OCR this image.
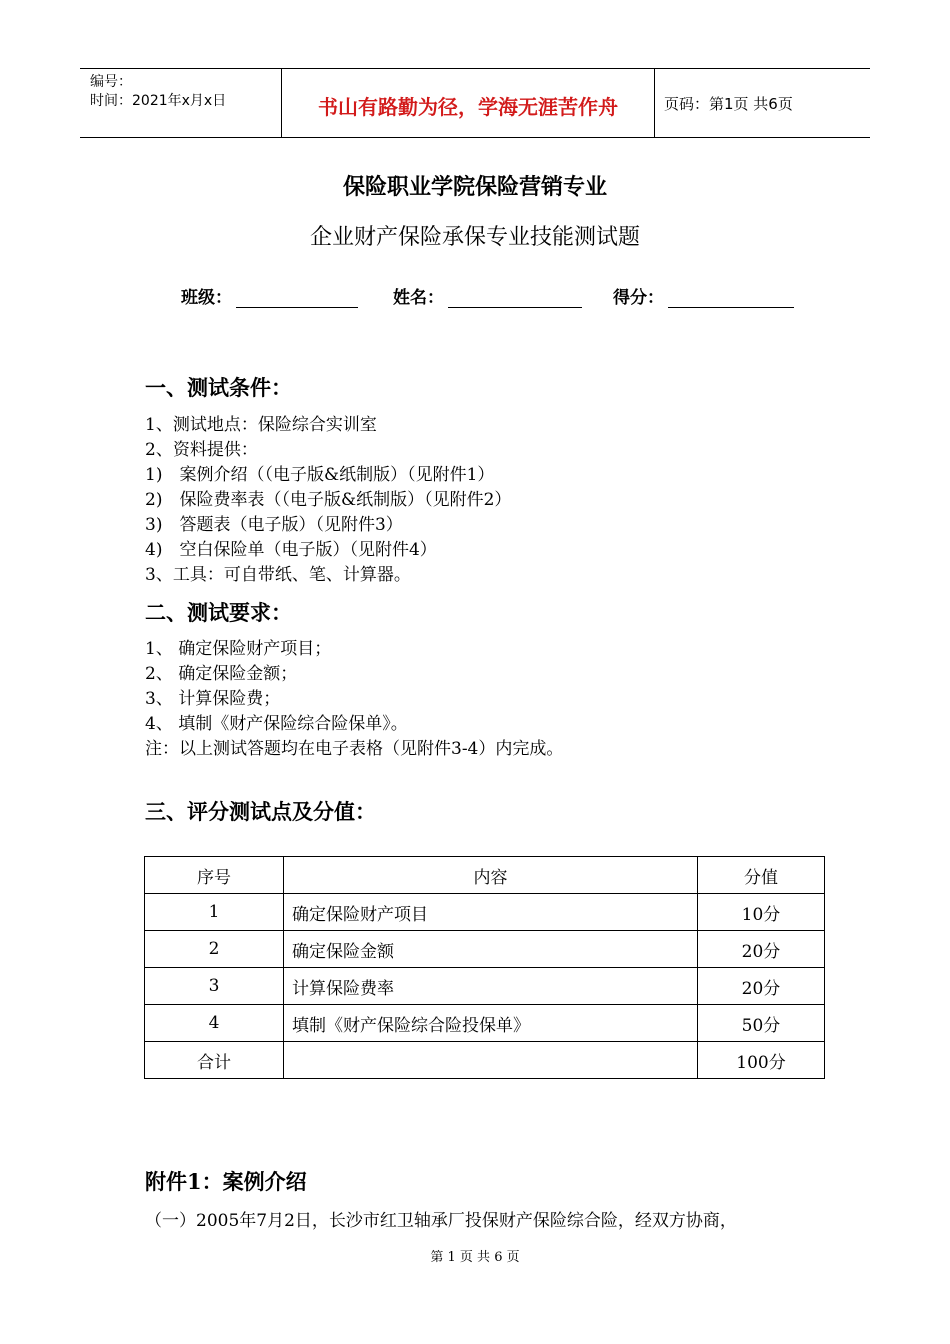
编号：
时间：2021年x月x日	书山有路勤为径，学海无涯苦作舟	页码：第1页 共6页
保险职业学院保险营销专业
企业财产保险承保专业技能测试题
班级：	姓名：	得分：
一、测试条件：
1、测试地点：保险综合实训室
2、资料提供：
1)　案例介绍（（电子版&纸制版）（见附件1）
2)　保险费率表（（电子版&纸制版）（见附件2）
3)　答题表（电子版）（见附件3）
4)　空白保险单（电子版）（见附件4）
3、工具：可自带纸、笔、计算器。
二、测试要求：
1、 确定保险财产项目；
2、 确定保险金额；
3、 计算保险费；
4、 填制《财产保险综合险保单》。
注：以上测试答题均在电子表格（见附件3-4）内完成。
三、评分测试点及分值：
序号	内容	分值
1	确定保险财产项目	10分
2	确定保险金额	20分
3	计算保险费率	20分
4	填制《财产保险综合险投保单》	50分
合计		100分
附件1：案例介绍
（一）2005年7月2日，长沙市红卫轴承厂投保财产保险综合险，经双方协商，
第 1 页 共 6 页
